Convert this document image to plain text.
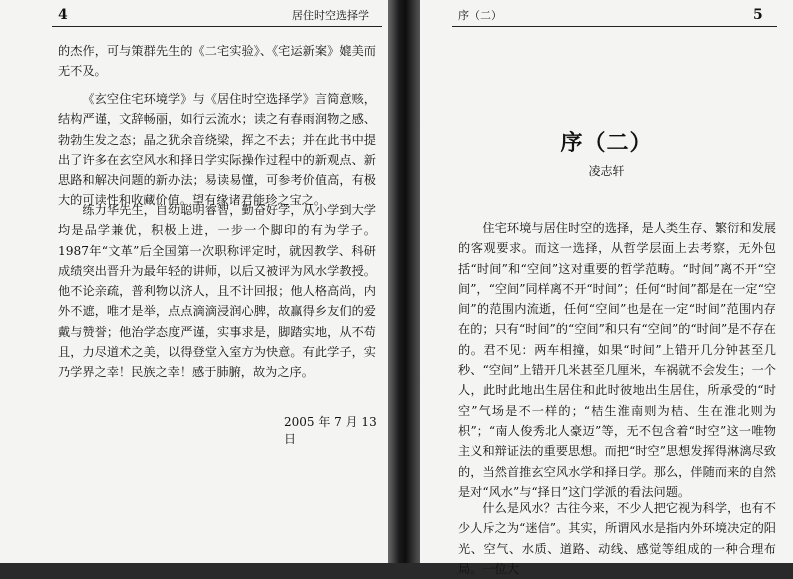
4	居住时空选择学

的杰作，可与策群先生的《二宅实验》、《宅运新案》媲美而无不及。

《玄空住宅环境学》与《居住时空选择学》言简意赅，结构严谨，文辞畅丽，如行云流水；读之有春雨润物之感、勃勃生发之态；晶之犹余音绕梁，挥之不去；并在此书中提出了许多在玄空风水和择日学实际操作过程中的新观点、新思路和解决问题的新办法；易读易懂，可参考价值高，有极大的可读性和收藏价值。望有缘诸君能珍之宝之。

练力华先生，自幼聪明睿智，勤奋好学，从小学到大学均是品学兼优，积极上进，一步一个脚印的有为学子。1987年“文革”后全国第一次职称评定时，就因教学、科研成绩突出晋升为最年轻的讲师，以后又被评为风水学教授。他不论亲疏，普利物以济人，且不计回报；他人格高尚，内外不遮，唯才是举，点点滴滴浸润心脾，故赢得乡友们的爱戴与赞誉；他治学态度严谨，实事求是，脚踏实地，从不苟且，力尽道术之美，以得登堂入室方为快意。有此学子，实乃学界之幸！民族之幸！感于肺腑，故为之序。

2005 年 7 月 13 日
序（二）	5
序（二）
凌志轩

住宅环境与居住时空的选择，是人类生存、繁衍和发展的客观要求。而这一选择，从哲学层面上去考察，无外包括“时间”和“空间”这对重要的哲学范畴。“时间”离不开“空间”，“空间”同样离不开“时间”；任何“时间”都是在一定“空间”的范围内流逝，任何“空间”也是在一定“时间”范围内存在的；只有“时间”的“空间”和只有“空间”的“时间”是不存在的。君不见：两车相撞，如果“时间”上错开几分钟甚至几秒、“空间”上错开几米甚至几厘米，车祸就不会发生；一个人，此时此地出生居住和此时彼地出生居住，所承受的“时空”气场是不一样的；“桔生淮南则为桔、生在淮北则为枳”；“南人俊秀北人豪迈”等，无不包含着“时空”这一唯物主义和辩证法的重要思想。而把“时空”思想发挥得淋漓尽致的，当然首推玄空风水学和择日学。那么，伴随而来的自然是对“风水”与“择日”这门学派的看法问题。

什么是风水？古往今来，不少人把它视为科学，也有不少人斥之为“迷信”。其实，所谓风水是指内外环境决定的阳光、空气、水质、道路、动线、感觉等组成的一种合理布局。一位大
